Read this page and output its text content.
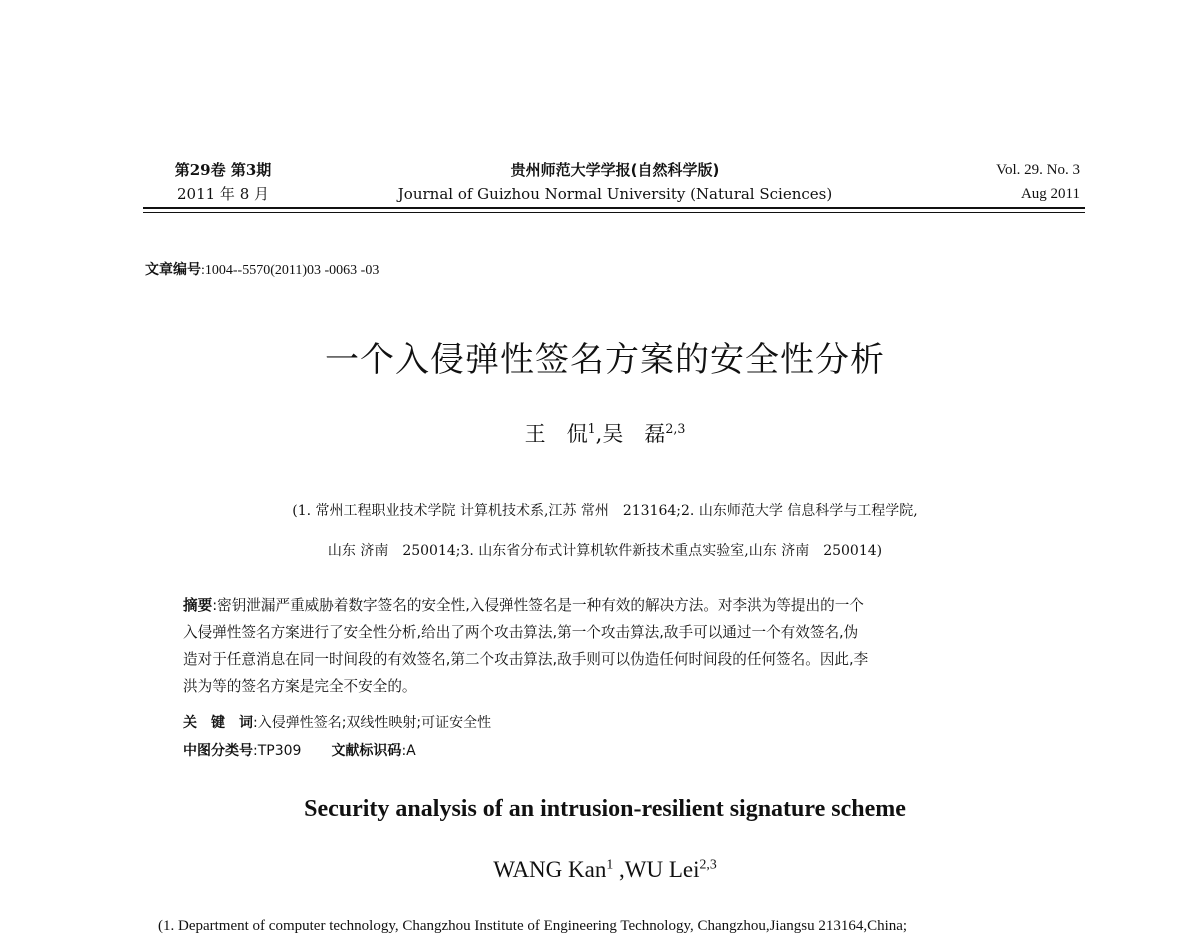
第29卷 第3期
2011 年 8 月
贵州师范大学学报(自然科学版)
Journal of Guizhou Normal University (Natural Sciences)
Vol. 29. No. 3
Aug 2011
文章编号:1004--5570(2011)03 -0063 -03
一个入侵弹性签名方案的安全性分析
王　侃$^1$,吴　磊$^{2,3}$
(1. 常州工程职业技术学院 计算机技术系,江苏 常州　213164;2. 山东师范大学 信息科学与工程学院,
山东 济南　250014;3. 山东省分布式计算机软件新技术重点实验室,山东 济南　250014)
摘要:密钥泄漏严重威胁着数字签名的安全性,入侵弹性签名是一种有效的解决方法。对李洪为等提出的一个
入侵弹性签名方案进行了安全性分析,给出了两个攻击算法,第一个攻击算法,敌手可以通过一个有效签名,伪
造对于任意消息在同一时间段的有效签名,第二个攻击算法,敌手则可以伪造任何时间段的任何签名。因此,李
洪为等的签名方案是完全不安全的。
关　键　词:入侵弹性签名;双线性映射;可证安全性
中图分类号:TP309 文献标识码:A
Security analysis of an intrusion-resilient signature scheme
WANG Kan$^1$ ,WU Lei$^{2,3}$
(1. Department of computer technology, Changzhou Institute of Engineering Technology, Changzhou,Jiangsu 213164,China;
